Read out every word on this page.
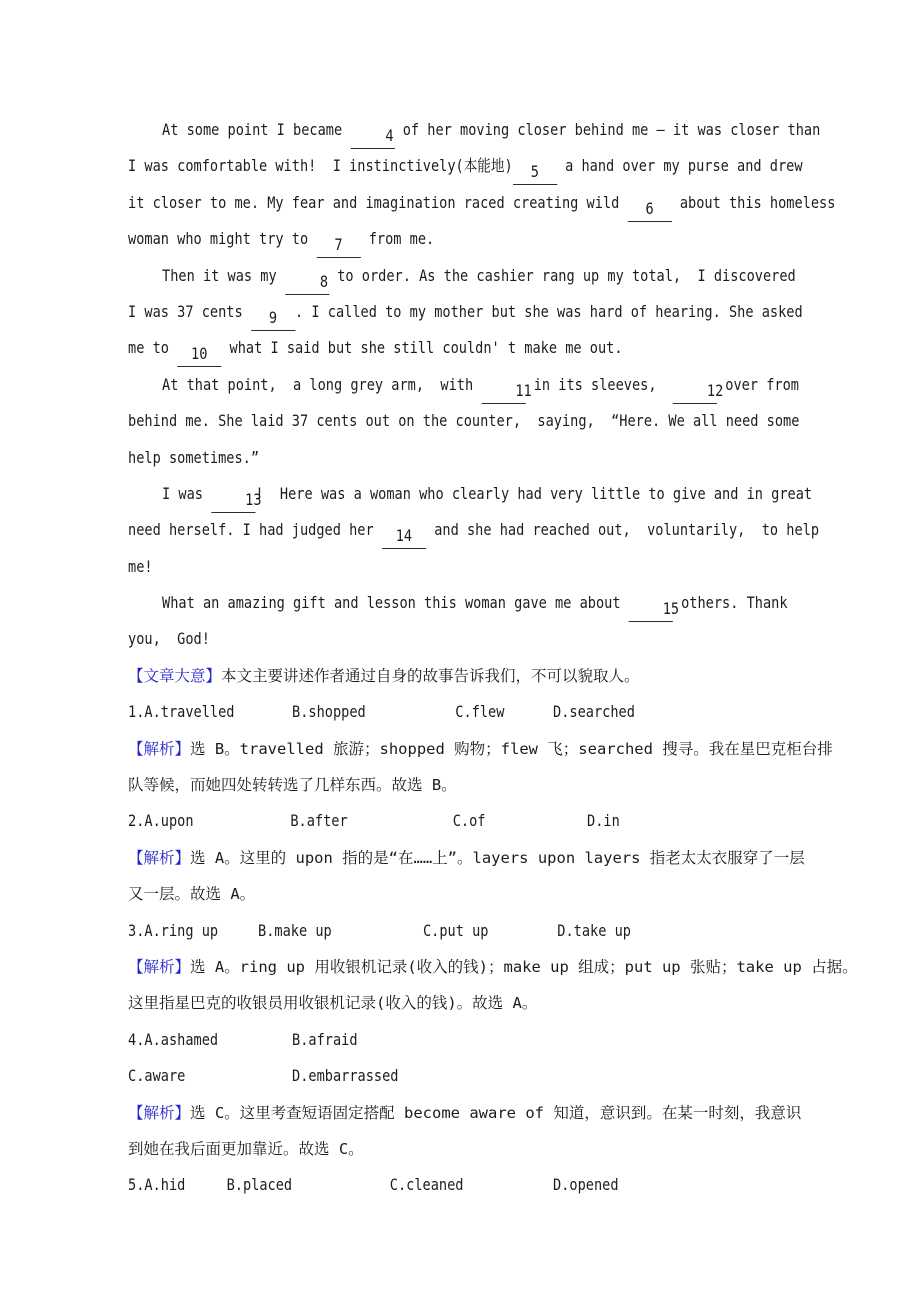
At some point I became 4 of her moving closer behind me — it was closer than
I was comfortable with!  I instinctively(本能地) 5 a hand over my purse and drew
it closer to me. My fear and imagination raced creating wild 6 about this homeless
woman who might try to 7 from me.
Then it was my 8 to order. As the cashier rang up my total,  I discovered
I was 37 cents 9 . I called to my mother but she was hard of hearing. She asked
me to 10 what I said but she still couldn' t make me out.
At that point,  a long grey arm,  with 11 in its sleeves,  12 over from
behind me. She laid 37 cents out on the counter,  saying,  “Here. We all need some
help sometimes.”
I was 13!  Here was a woman who clearly had very little to give and in great
need herself. I had judged her 14 and she had reached out,  voluntarily,  to help
me!
What an amazing gift and lesson this woman gave me about 15 others. Thank
you,  God!
【文章大意】本文主要讲述作者通过自身的故事告诉我们，不可以貌取人。
1.A.travelled	B.shopped	C.flew	D.searched
【解析】选 B。travelled 旅游；shopped 购物；flew 飞；searched 搜寻。我在星巴克柜台排
队等候，而她四处转转选了几样东西。故选 B。
2.A.upon	B.after	C.of	D.in
【解析】选 A。这里的 upon 指的是“在……上”。layers upon layers 指老太太衣服穿了一层
又一层。故选 A。
3.A.ring up B.make up	C.put up	D.take up
【解析】选 A。ring up 用收银机记录(收入的钱)；make up 组成；put up 张贴；take up 占据。
这里指星巴克的收银员用收银机记录(收入的钱)。故选 A。
4.A.ashamed	B.afraid
C.aware	D.embarrassed
【解析】选 C。这里考查短语固定搭配 become aware of 知道，意识到。在某一时刻，我意识
到她在我后面更加靠近。故选 C。
5.A.hid	B.placed	C.cleaned	D.opened
